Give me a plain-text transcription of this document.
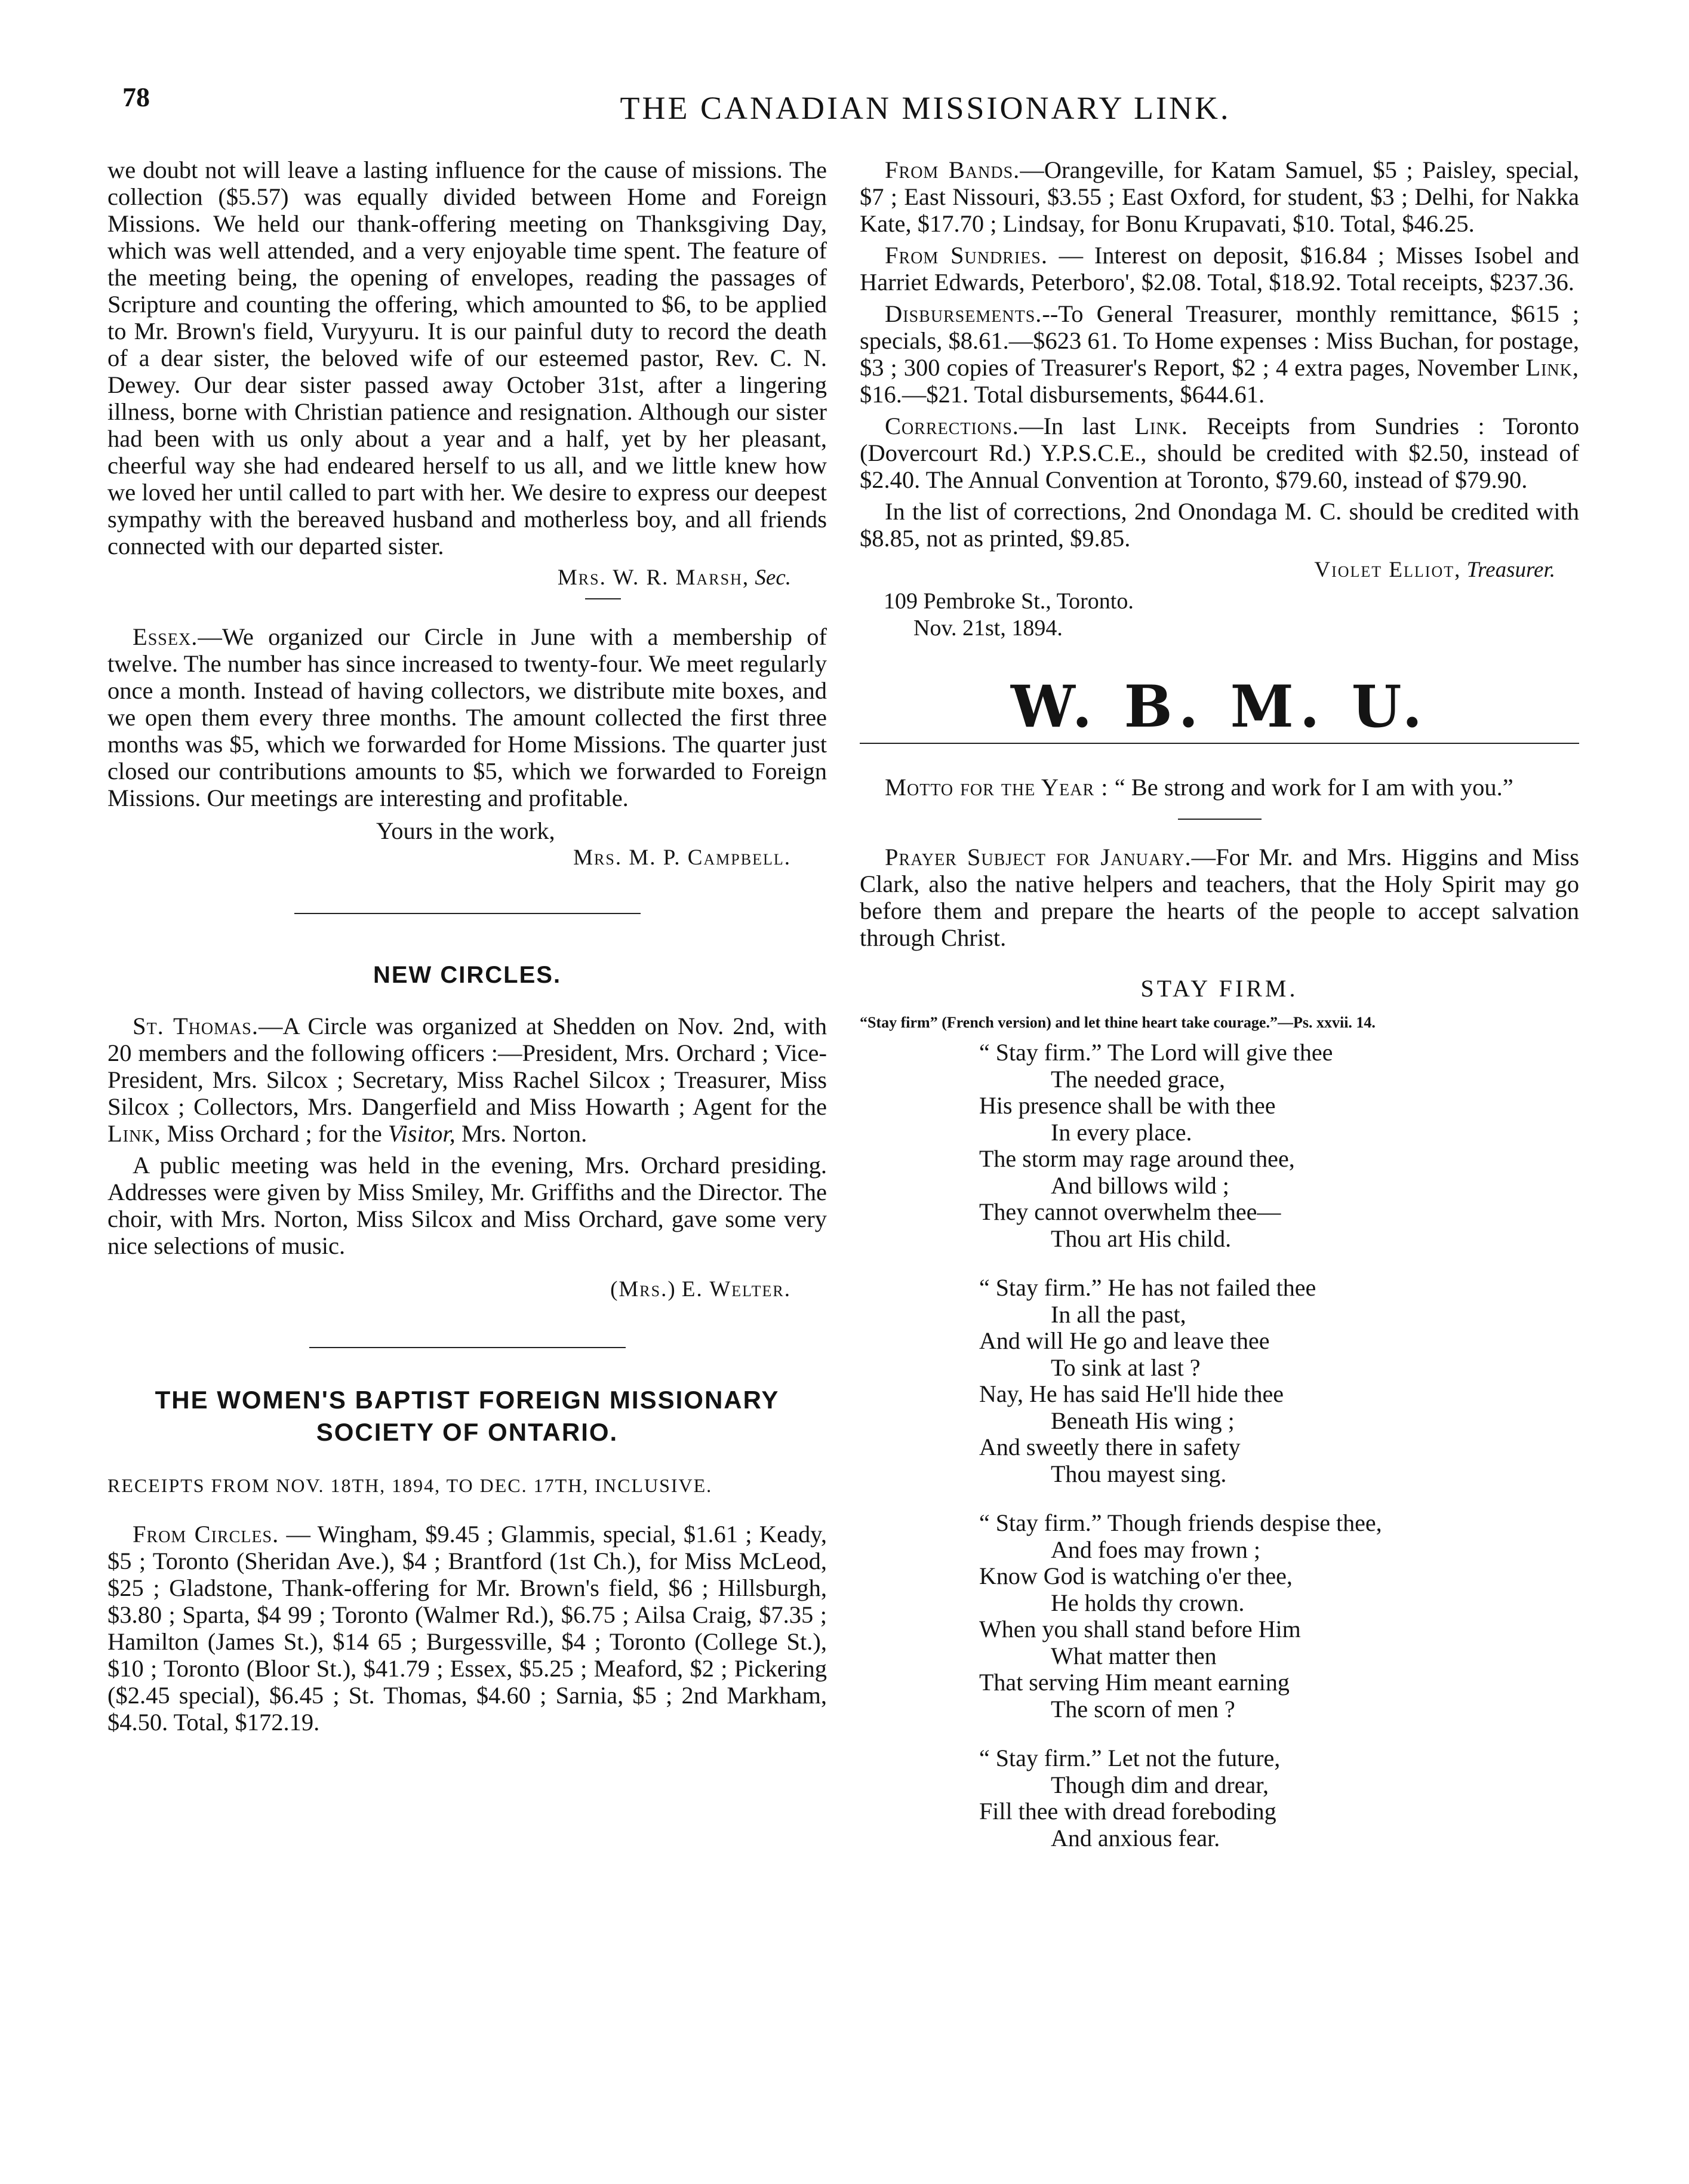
78	THE CANADIAN MISSIONARY LINK.

we doubt not will leave a lasting influence for the cause of missions. The collection ($5.57) was equally divided between Home and Foreign Missions. We held our thank-offering meeting on Thanksgiving Day, which was well attended, and a very enjoyable time spent. The feature of the meeting being, the opening of envelopes, reading the passages of Scripture and counting the offering, which amounted to $6, to be applied to Mr. Brown's field, Vuryyuru. It is our painful duty to record the death of a dear sister, the beloved wife of our esteemed pastor, Rev. C. N. Dewey. Our dear sister passed away October 31st, after a lingering illness, borne with Christian patience and resignation. Although our sister had been with us only about a year and a half, yet by her pleasant, cheerful way she had endeared herself to us all, and we little knew how we loved her until called to part with her. We desire to express our deepest sympathy with the bereaved husband and motherless boy, and all friends connected with our departed sister.

Mrs. W. R. Marsh, Sec.

Essex.—We organized our Circle in June with a membership of twelve. The number has since increased to twenty-four. We meet regularly once a month. Instead of having collectors, we distribute mite boxes, and we open them every three months. The amount collected the first three months was $5, which we forwarded for Home Missions. The quarter just closed our contributions amounts to $5, which we forwarded to Foreign Missions. Our meetings are interesting and profitable.

Yours in the work,
Mrs. M. P. Campbell.
NEW CIRCLES.

St. Thomas.—A Circle was organized at Shedden on Nov. 2nd, with 20 members and the following officers :—President, Mrs. Orchard ; Vice-President, Mrs. Silcox ; Secretary, Miss Rachel Silcox ; Treasurer, Miss Silcox ; Collectors, Mrs. Dangerfield and Miss Howarth ; Agent for the Link, Miss Orchard ; for the Visitor, Mrs. Norton.

A public meeting was held in the evening, Mrs. Orchard presiding. Addresses were given by Miss Smiley, Mr. Griffiths and the Director. The choir, with Mrs. Norton, Miss Silcox and Miss Orchard, gave some very nice selections of music.

(Mrs.) E. Welter.
THE WOMEN'S BAPTIST FOREIGN MISSIONARY
SOCIETY OF ONTARIO.

RECEIPTS FROM NOV. 18TH, 1894, TO DEC. 17TH, INCLUSIVE.

From Circles. — Wingham, $9.45 ; Glammis, special, $1.61 ; Keady, $5 ; Toronto (Sheridan Ave.), $4 ; Brantford (1st Ch.), for Miss McLeod, $25 ; Gladstone, Thank-offering for Mr. Brown's field, $6 ; Hillsburgh, $3.80 ; Sparta, $4 99 ; Toronto (Walmer Rd.), $6.75 ; Ailsa Craig, $7.35 ; Hamilton (James St.), $14 65 ; Burgessville, $4 ; Toronto (College St.), $10 ; Toronto (Bloor St.), $41.79 ; Essex, $5.25 ; Meaford, $2 ; Pickering ($2.45 special), $6.45 ; St. Thomas, $4.60 ; Sarnia, $5 ; 2nd Markham, $4.50. Total, $172.19.

From Bands.—Orangeville, for Katam Samuel, $5 ; Paisley, special, $7 ; East Nissouri, $3.55 ; East Oxford, for student, $3 ; Delhi, for Nakka Kate, $17.70 ; Lindsay, for Bonu Krupavati, $10. Total, $46.25.

From Sundries. — Interest on deposit, $16.84 ; Misses Isobel and Harriet Edwards, Peterboro', $2.08. Total, $18.92. Total receipts, $237.36.

Disbursements.--To General Treasurer, monthly remittance, $615 ; specials, $8.61.—$623 61. To Home expenses : Miss Buchan, for postage, $3 ; 300 copies of Treasurer's Report, $2 ; 4 extra pages, November Link, $16.—$21. Total disbursements, $644.61.

Corrections.—In last Link. Receipts from Sundries : Toronto (Dovercourt Rd.) Y.P.S.C.E., should be credited with $2.50, instead of $2.40. The Annual Convention at Toronto, $79.60, instead of $79.90.

In the list of corrections, 2nd Onondaga M. C. should be credited with $8.85, not as printed, $9.85.

Violet Elliot, Treasurer.
109 Pembroke St., Toronto.
Nov. 21st, 1894.
W. B. M. U.

Motto for the Year : “ Be strong and work for I am with you.”

Prayer Subject for January.—For Mr. and Mrs. Higgins and Miss Clark, also the native helpers and teachers, that the Holy Spirit may go before them and prepare the hearts of the people to accept salvation through Christ.

STAY FIRM.

“Stay firm” (French version) and let thine heart take courage.”—Ps. xxvii. 14.

“ Stay firm.” The Lord will give thee
The needed grace,
His presence shall be with thee
In every place.
The storm may rage around thee,
And billows wild ;
They cannot overwhelm thee—
Thou art His child.
“ Stay firm.” He has not failed thee
In all the past,
And will He go and leave thee
To sink at last ?
Nay, He has said He'll hide thee
Beneath His wing ;
And sweetly there in safety
Thou mayest sing.
“ Stay firm.” Though friends despise thee,
And foes may frown ;
Know God is watching o'er thee,
He holds thy crown.
When you shall stand before Him
What matter then
That serving Him meant earning
The scorn of men ?
“ Stay firm.” Let not the future,
Though dim and drear,
Fill thee with dread foreboding
And anxious fear.
